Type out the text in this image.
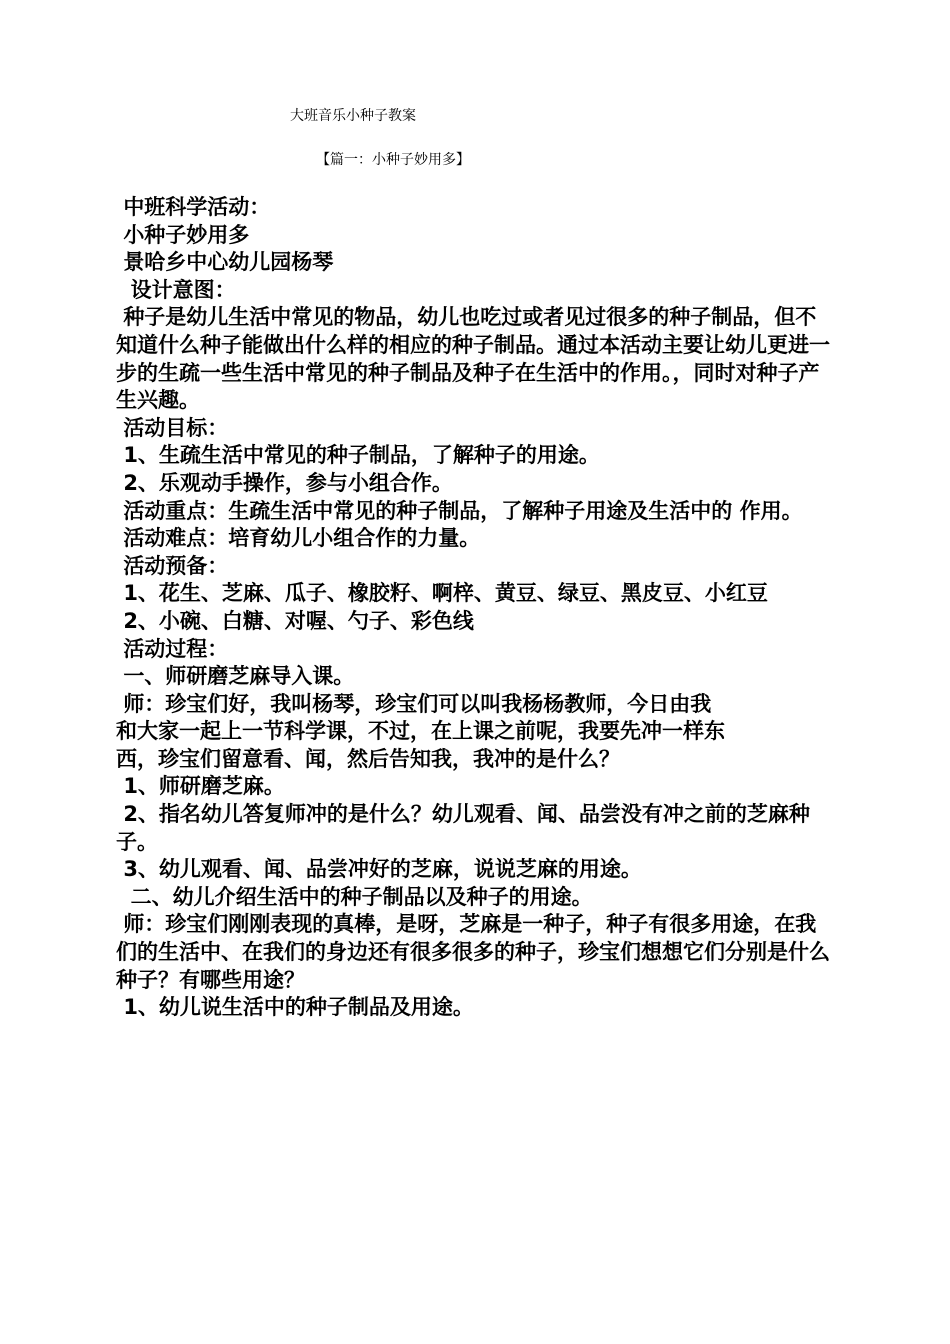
大班音乐小种子教案
【篇一：小种子妙用多】

中班科学活动：

小种子妙用多

景哈乡中心幼儿园杨琴

设计意图：

种子是幼儿生活中常见的物品，幼儿也吃过或者见过很多的种子制品，但不知道什么种子能做出什么样的相应的种子制品。通过本活动主要让幼儿更进一步的生疏一些生活中常见的种子制品及种子在生活中的作用。，同时对种子产生兴趣。

活动目标：

1、生疏生活中常见的种子制品，了解种子的用途。

2、乐观动手操作，参与小组合作。

活动重点：生疏生活中常见的种子制品，了解种子用途及生活中的 作用。

活动难点：培育幼儿小组合作的力量。

活动预备：

1、花生、芝麻、瓜子、橡胶籽、啊梓、黄豆、绿豆、黑皮豆、小红豆

2、小碗、白糖、对喔、勺子、彩色线

活动过程：

一、师研磨芝麻导入课。

师：珍宝们好，我叫杨琴，珍宝们可以叫我杨杨教师，今日由我
和大家一起上一节科学课，不过，在上课之前呢，我要先冲一样东
西，珍宝们留意看、闻，然后告知我，我冲的是什么？

1、师研磨芝麻。

2、指名幼儿答复师冲的是什么？幼儿观看、闻、品尝没有冲之前的芝麻种子。

3、幼儿观看、闻、品尝冲好的芝麻，说说芝麻的用途。

二、幼儿介绍生活中的种子制品以及种子的用途。

师：珍宝们刚刚表现的真棒，是呀，芝麻是一种子，种子有很多用途，在我们的生活中、在我们的身边还有很多很多的种子，珍宝们想想它们分别是什么种子？有哪些用途？

1、幼儿说生活中的种子制品及用途。
